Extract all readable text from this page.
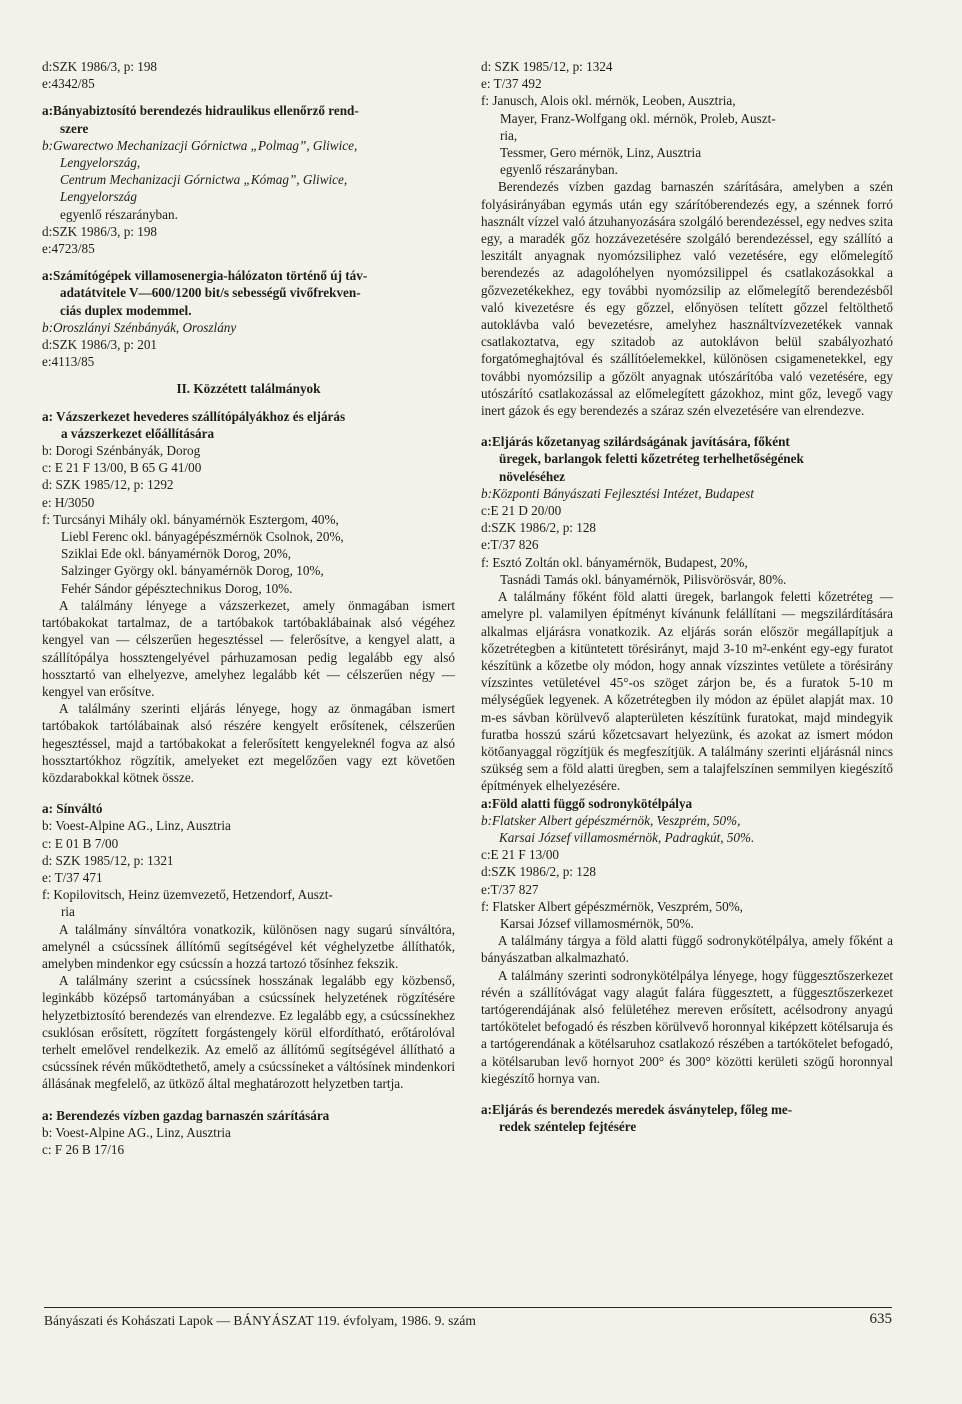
d:SZK 1986/3, p: 198

e:4342/85

a:Bányabiztosító berendezés hidraulikus ellenőrző rend-

szere

b:Gwarectwo Mechanizacji Górnictwa „Polmag”, Gliwice,

Lengyelország,

Centrum Mechanizacji Górnictwa „Kómag”, Gliwice,

Lengyelország

egyenlő részarányban.

d:SZK 1986/3, p: 198

e:4723/85

a:Számítógépek villamosenergia-hálózaton történő új táv-

adatátvitele V—600/1200 bit/s sebességű vivőfrekven-

ciás duplex modemmel.

b:Oroszlányi Szénbányák, Oroszlány

d:SZK 1986/3, p: 201

e:4113/85

II. Közzétett találmányok

a: Vázszerkezet hevederes szállítópályákhoz és eljárás

a vázszerkezet előállítására

b: Dorogi Szénbányák, Dorog

c: E 21 F 13/00, B 65 G 41/00

d: SZK 1985/12, p: 1292

e: H/3050

f: Turcsányi Mihály okl. bányamérnök Esztergom, 40%,

Liebl Ferenc okl. bányagépészmérnök Csolnok, 20%,

Sziklai Ede okl. bányamérnök Dorog, 20%,

Salzinger György okl. bányamérnök Dorog, 10%,

Fehér Sándor gépésztechnikus Dorog, 10%.

A találmány lényege a vázszerkezet, amely önmagában ismert tartóbakokat tartalmaz, de a tartóbakok tartóbaklábainak alsó végéhez kengyel van — célszerűen hegesztéssel — felerősítve, a kengyel alatt, a szállítópálya hossztengelyével párhuzamosan pedig legalább egy alsó hossztartó van elhelyezve, amelyhez legalább két — célszerűen négy — kengyel van erősítve.

A találmány szerinti eljárás lényege, hogy az önmagában ismert tartóbakok tartólábainak alsó részére kengyelt erősítenek, célszerűen hegesztéssel, majd a tartóbakokat a felerősített kengyeleknél fogva az alsó hossztartókhoz rögzítik, amelyeket ezt megelőzően vagy ezt követően közdarabokkal kötnek össze.

a: Sínváltó

b: Voest-Alpine AG., Linz, Ausztria

c: E 01 B 7/00

d: SZK 1985/12, p: 1321

e: T/37 471

f: Kopilovitsch, Heinz üzemvezető, Hetzendorf, Auszt-

ria

A találmány sínváltóra vonatkozik, különösen nagy sugarú sínváltóra, amelynél a csúcssínek állítómű segítségével két véghelyzetbe állíthatók, amelyben mindenkor egy csúcssín a hozzá tartozó tősínhez fekszik.

A találmány szerint a csúcssínek hosszának legalább egy közbenső, leginkább középső tartományában a csúcssínek helyzetének rögzítésére helyzetbiztosító berendezés van elrendezve. Ez legalább egy, a csúcssínekhez csuklósan erősített, rögzített forgástengely körül elfordítható, erőtárolóval terhelt emelővel rendelkezik. Az emelő az állítómű segítségével állítható a csúcssínek révén működtethető, amely a csúcssíneket a váltósínek mindenkori állásának megfelelő, az ütköző által meghatározott helyzetben tartja.

a: Berendezés vízben gazdag barnaszén szárítására

b: Voest-Alpine AG., Linz, Ausztria

c: F 26 B 17/16

d: SZK 1985/12, p: 1324

e: T/37 492

f: Janusch, Alois okl. mérnök, Leoben, Ausztria,

Mayer, Franz-Wolfgang okl. mérnök, Proleb, Auszt-

ria,

Tessmer, Gero mérnök, Linz, Ausztria

egyenlő részarányban.

Berendezés vízben gazdag barnaszén szárítására, amelyben a szén folyásirányában egymás után egy szárítóberendezés egy, a szénnek forró használt vízzel való átzuhanyozására szolgáló berendezéssel, egy nedves szita egy, a maradék gőz hozzávezetésére szolgáló berendezéssel, egy szállító a leszitált anyagnak nyomózsiliphez való vezetésére, egy előmelegítő berendezés az adagolóhelyen nyomózsilippel és csatlakozásokkal a gőzvezetékekhez, egy további nyomózsilip az előmelegítő berendezésből való kivezetésre és egy gőzzel, előnyösen telített gőzzel feltölthető autoklávba való bevezetésre, amelyhez használtvízvezetékek vannak csatlakoztatva, egy szitadob az autoklávon belül szabályozható forgatómeghajtóval és szállítóelemekkel, különösen csigamenetekkel, egy további nyomózsilip a gőzölt anyagnak utószárítóba való vezetésére, egy utószárító csatlakozással az előmelegített gázokhoz, mint gőz, levegő vagy inert gázok és egy berendezés a száraz szén elvezetésére van elrendezve.

a:Eljárás kőzetanyag szilárdságának javítására, főként

üregek, barlangok feletti kőzetréteg terhelhetőségének

növeléséhez

b:Központi Bányászati Fejlesztési Intézet, Budapest

c:E 21 D 20/00

d:SZK 1986/2, p: 128

e:T/37 826

f: Esztó Zoltán okl. bányamérnök, Budapest, 20%,

Tasnádi Tamás okl. bányamérnök, Pilisvörösvár, 80%.

A találmány főként föld alatti üregek, barlangok feletti kőzetréteg — amelyre pl. valamilyen építményt kívánunk felállítani — megszilárdítására alkalmas eljárásra vonatkozik. Az eljárás során először megállapítjuk a kőzetrétegben a kitüntetett törésirányt, majd 3-10 m²-enként egy-egy furatot készítünk a kőzetbe oly módon, hogy annak vízszintes vetülete a törésirány vízszintes vetületével 45°-os szöget zárjon be, és a furatok 5-10 m mélységűek legyenek. A kőzetrétegben ily módon az épület alapját max. 10 m-es sávban körülvevő alapterületen készítünk furatokat, majd mindegyik furatba hosszú szárú kőzetcsavart helyezünk, és azokat az ismert módon kötőanyaggal rögzítjük és megfeszítjük. A találmány szerinti eljárásnál nincs szükség sem a föld alatti üregben, sem a talajfelszínen semmilyen kiegészítő építmények elhelyezésére.

a:Föld alatti függő sodronykötélpálya

b:Flatsker Albert gépészmérnök, Veszprém, 50%,

Karsai József villamosmérnök, Padragkút, 50%.

c:E 21 F 13/00

d:SZK 1986/2, p: 128

e:T/37 827

f: Flatsker Albert gépészmérnök, Veszprém, 50%,

Karsai József villamosmérnök, 50%.

A találmány tárgya a föld alatti függő sodronykötélpálya, amely főként a bányászatban alkalmazható.

A találmány szerinti sodronykötélpálya lényege, hogy függesztőszerkezet révén a szállítóvágat vagy alagút falára függesztett, a függesztőszerkezet tartógerendájának alsó felületéhez mereven erősített, acélsodrony anyagú tartókötelet befogadó és részben körülvevő horonnyal kiképzett kötélsaruja és a tartógerendának a kötélsaruhoz csatlakozó részében a tartókötelet befogadó, a kötélsaruban levő hornyot 200° és 300° közötti kerületi szögű horonnyal kiegészítő hornya van.

a:Eljárás és berendezés meredek ásványtelep, főleg me-

redek széntelep fejtésére

Bányászati és Kohászati Lapok — BÁNYÁSZAT 119. évfolyam, 1986. 9. szám	635
